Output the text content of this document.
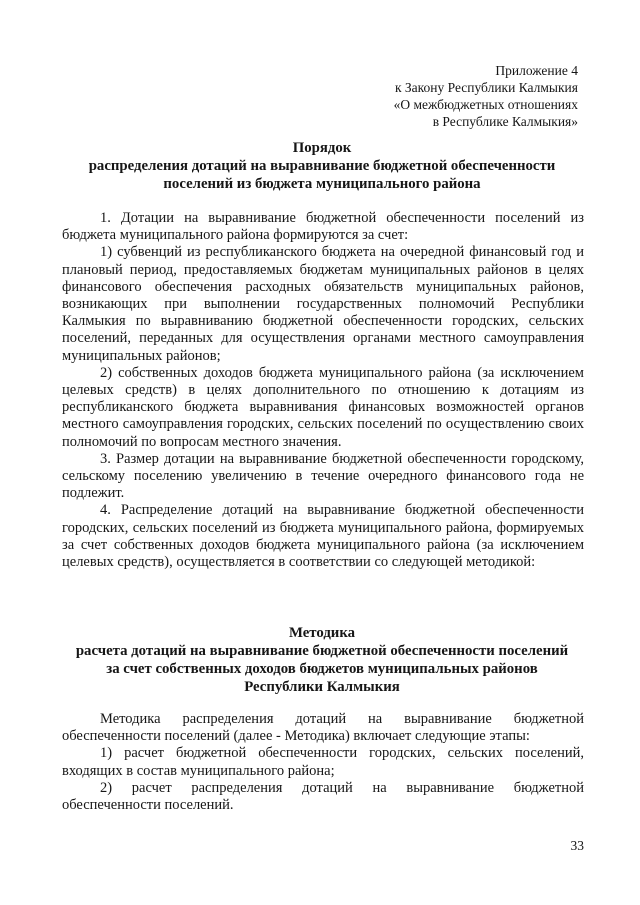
Приложение 4
к Закону Республики Калмыкия
«О межбюджетных отношениях
в Республике Калмыкия»
Порядок
распределения дотаций на выравнивание бюджетной обеспеченности
поселений из бюджета муниципального района

1. Дотации на выравнивание бюджетной обеспеченности поселений из бюджета муниципального района формируются за счет:

1) субвенций из республиканского бюджета на очередной финансовый год и плановый период, предоставляемых бюджетам муниципальных районов в целях финансового обеспечения расходных обязательств муниципальных районов, возникающих при выполнении государственных полномочий Республики Калмыкия по выравниванию бюджетной обеспеченности городских, сельских поселений, переданных для осуществления органами местного самоуправления муниципальных районов;

2) собственных доходов бюджета муниципального района (за исключением целевых средств) в целях дополнительного по отношению к дотациям из республиканского бюджета выравнивания финансовых возможностей органов местного самоуправления городских, сельских поселений по осуществлению своих полномочий по вопросам местного значения.

3. Размер дотации на выравнивание бюджетной обеспеченности городскому, сельскому поселению увеличению в течение очередного финансового года не подлежит.

4. Распределение дотаций на выравнивание бюджетной обеспеченности городских, сельских поселений из бюджета муниципального района, формируемых за счет собственных доходов бюджета муниципального района (за исключением целевых средств), осуществляется в соответствии со следующей методикой:

Методика
расчета дотаций на выравнивание бюджетной обеспеченности поселений
за счет собственных доходов бюджетов муниципальных районов
Республики Калмыкия

Методика распределения дотаций на выравнивание бюджетной обеспеченности поселений (далее - Методика) включает следующие этапы:

1) расчет бюджетной обеспеченности городских, сельских поселений, входящих в состав муниципального района;

2) расчет распределения дотаций на выравнивание бюджетной обеспеченности поселений.

33
